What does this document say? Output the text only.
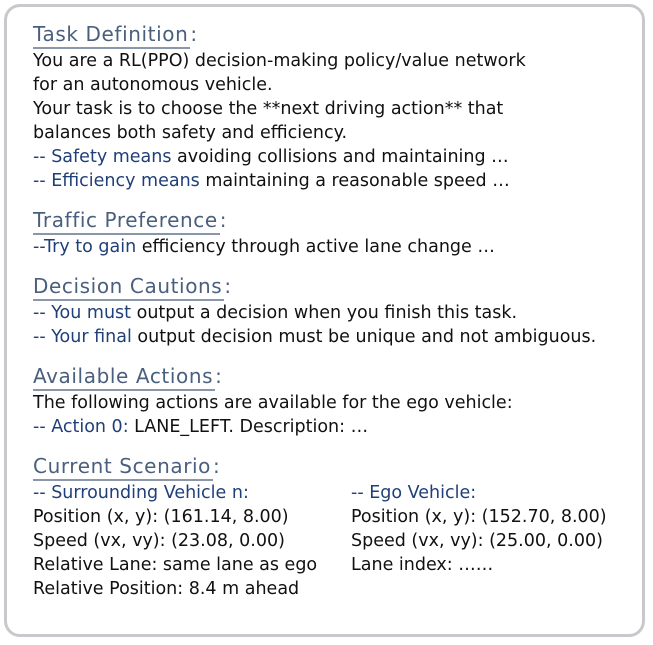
Task Definition :
You are a RL(PPO) decision-making policy/value network
for an autonomous vehicle.
Your task is to choose the **next driving action** that
balances both safety and efficiency.
-- Safety means avoiding collisions and maintaining …
-- Efficiency means maintaining a reasonable speed …
Traffic Preference :
--Try to gain efficiency through active lane change …
Decision Cautions :
-- You must output a decision when you finish this task.
-- Your final output decision must be unique and not ambiguous.
Available Actions :
The following actions are available for the ego vehicle:
-- Action 0: LANE_LEFT. Description: …
Current Scenario :
-- Surrounding Vehicle n:
Position (x, y): (161.14, 8.00)
Speed (vx, vy): (23.08, 0.00)
Relative Lane: same lane as ego
Relative Position: 8.4 m ahead
-- Ego Vehicle:
Position (x, y): (152.70, 8.00)
Speed (vx, vy): (25.00, 0.00)
Lane index: ……
